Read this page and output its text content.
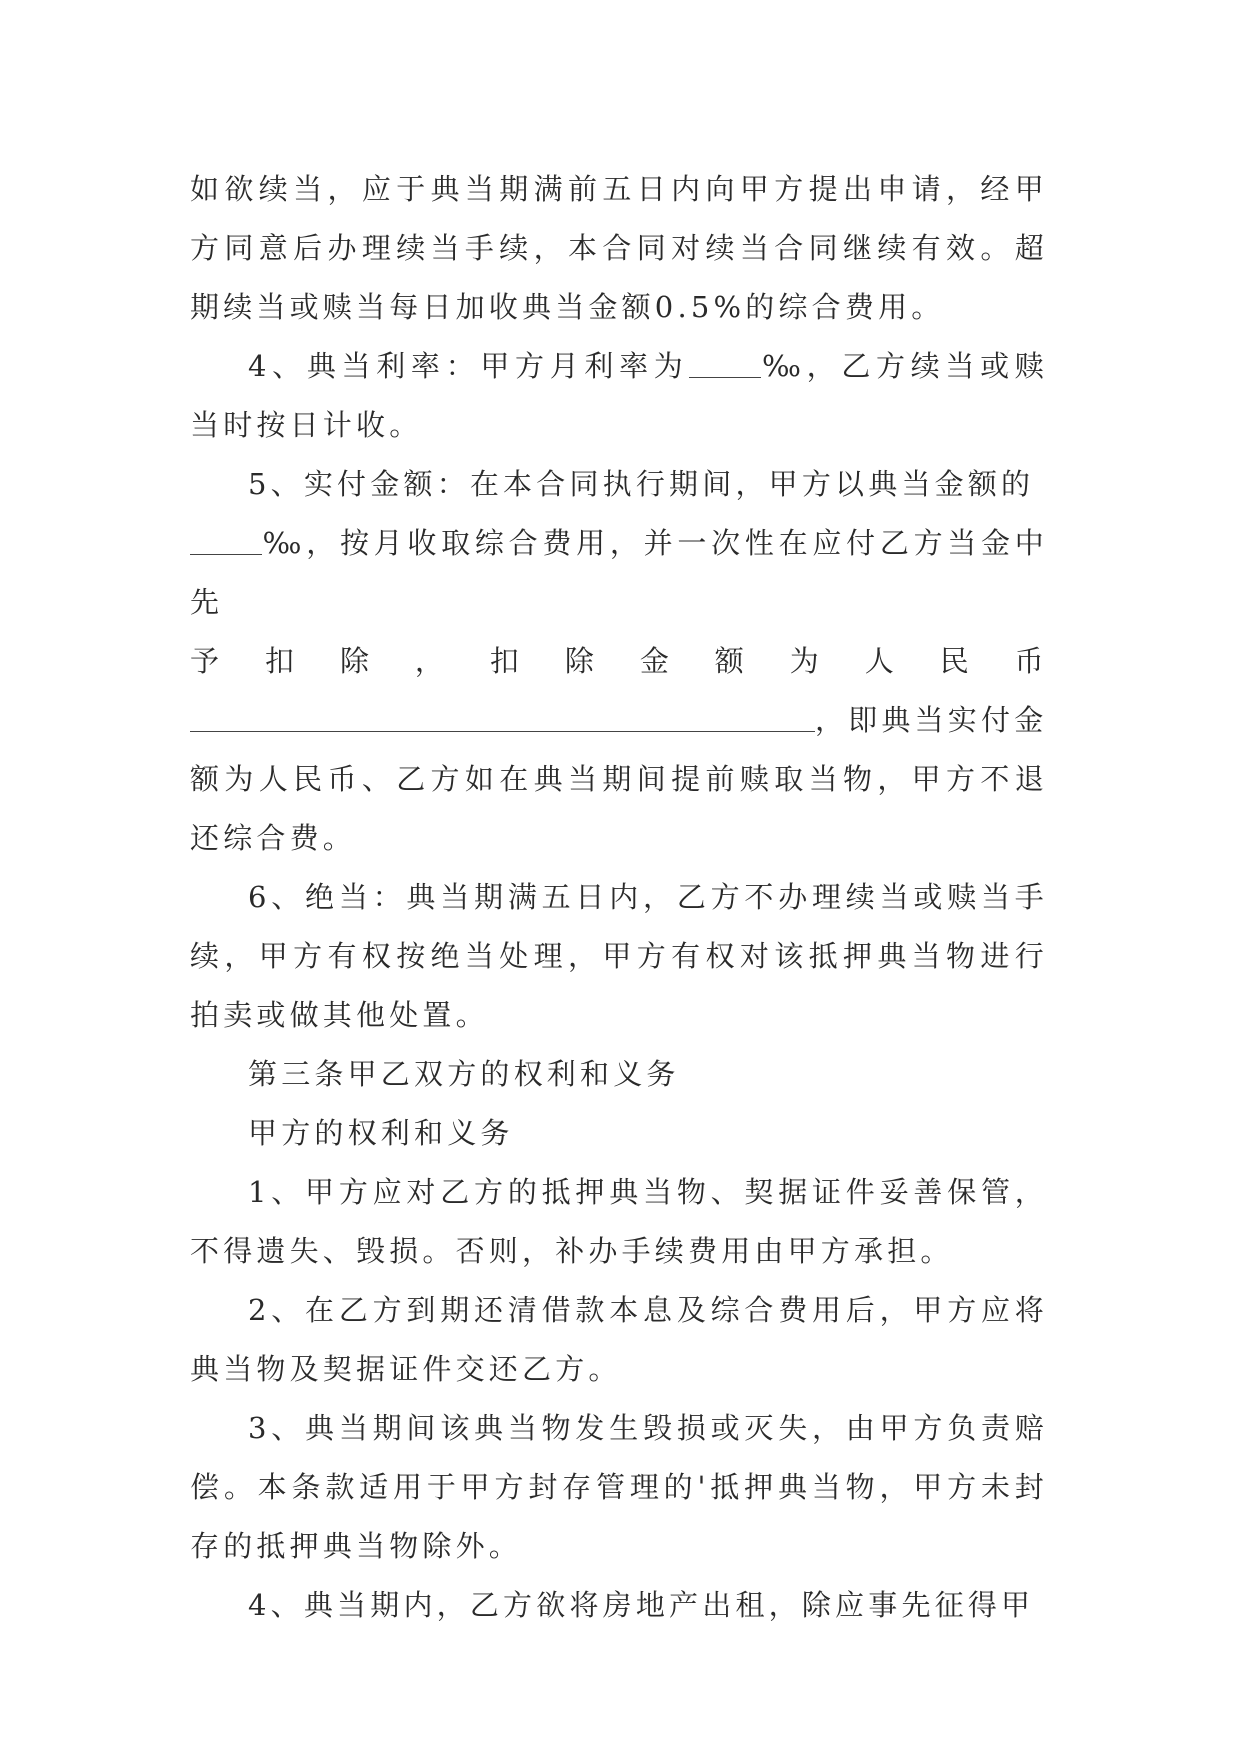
如欲续当，应于典当期满前五日内向甲方提出申请，经甲方同意后办理续当手续，本合同对续当合同继续有效。超期续当或赎当每日加收典当金额0.5%的综合费用。

4、典当利率：甲方月利率为 ‰，乙方续当或赎当时按日计收。

5、实付金额：在本合同执行期间，甲方以典当金额的

‰，按月收取综合费用，并一次性在应付乙方当金中先

予 扣 除 ， 扣 除 金 额 为 人 民 币

，即典当实付金

额为人民币、乙方如在典当期间提前赎取当物，甲方不退还综合费。

6、绝当：典当期满五日内，乙方不办理续当或赎当手续，甲方有权按绝当处理，甲方有权对该抵押典当物进行拍卖或做其他处置。

第三条甲乙双方的权利和义务

甲方的权利和义务

1、甲方应对乙方的抵押典当物、契据证件妥善保管，不得遗失、毁损。否则，补办手续费用由甲方承担。

2、在乙方到期还清借款本息及综合费用后，甲方应将典当物及契据证件交还乙方。

3、典当期间该典当物发生毁损或灭失，由甲方负责赔偿。本条款适用于甲方封存管理的'抵押典当物，甲方未封存的抵押典当物除外。

4、典当期内，乙方欲将房地产出租，除应事先征得甲
